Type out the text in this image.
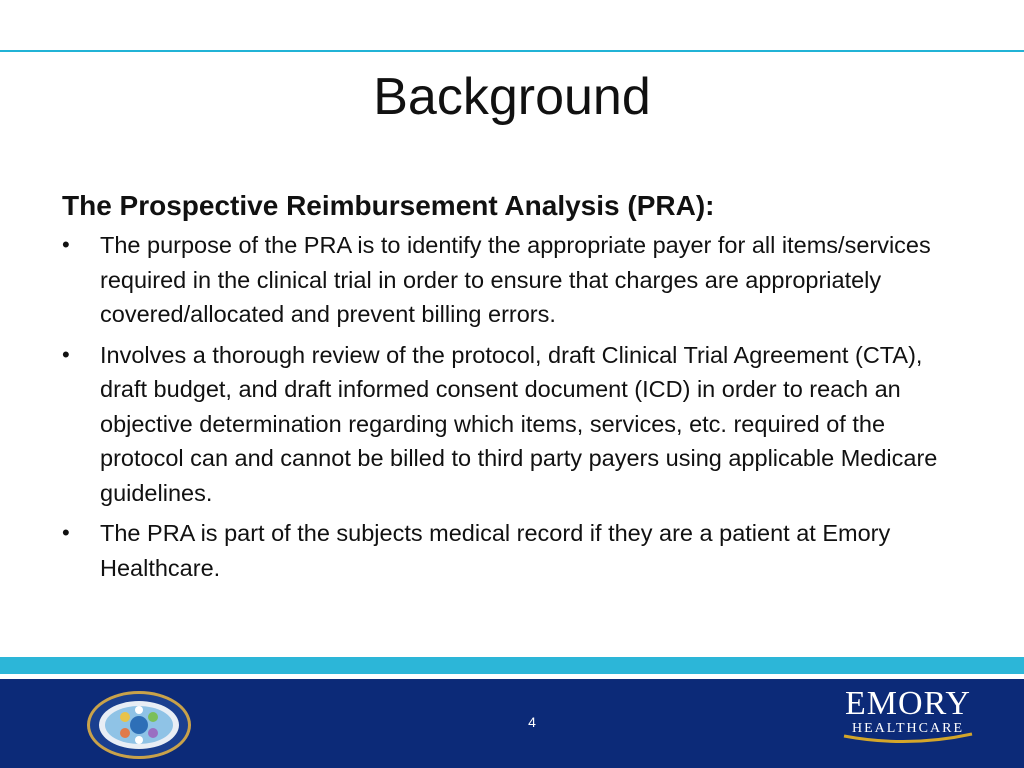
Background
The Prospective Reimbursement Analysis (PRA):
•	The purpose of the PRA is to identify the appropriate payer for all items/services required in the clinical trial in order to ensure that charges are appropriately covered/allocated and prevent billing errors.
•	Involves a thorough review of the protocol, draft Clinical Trial Agreement (CTA), draft budget, and draft informed consent document (ICD) in order to reach an objective determination regarding which items, services, etc. required of the protocol can and cannot be billed to third party payers using applicable Medicare guidelines.
•	The PRA is part of the subjects medical record if they are a patient at Emory Healthcare.
4	EMORY
HEALTHCARE
